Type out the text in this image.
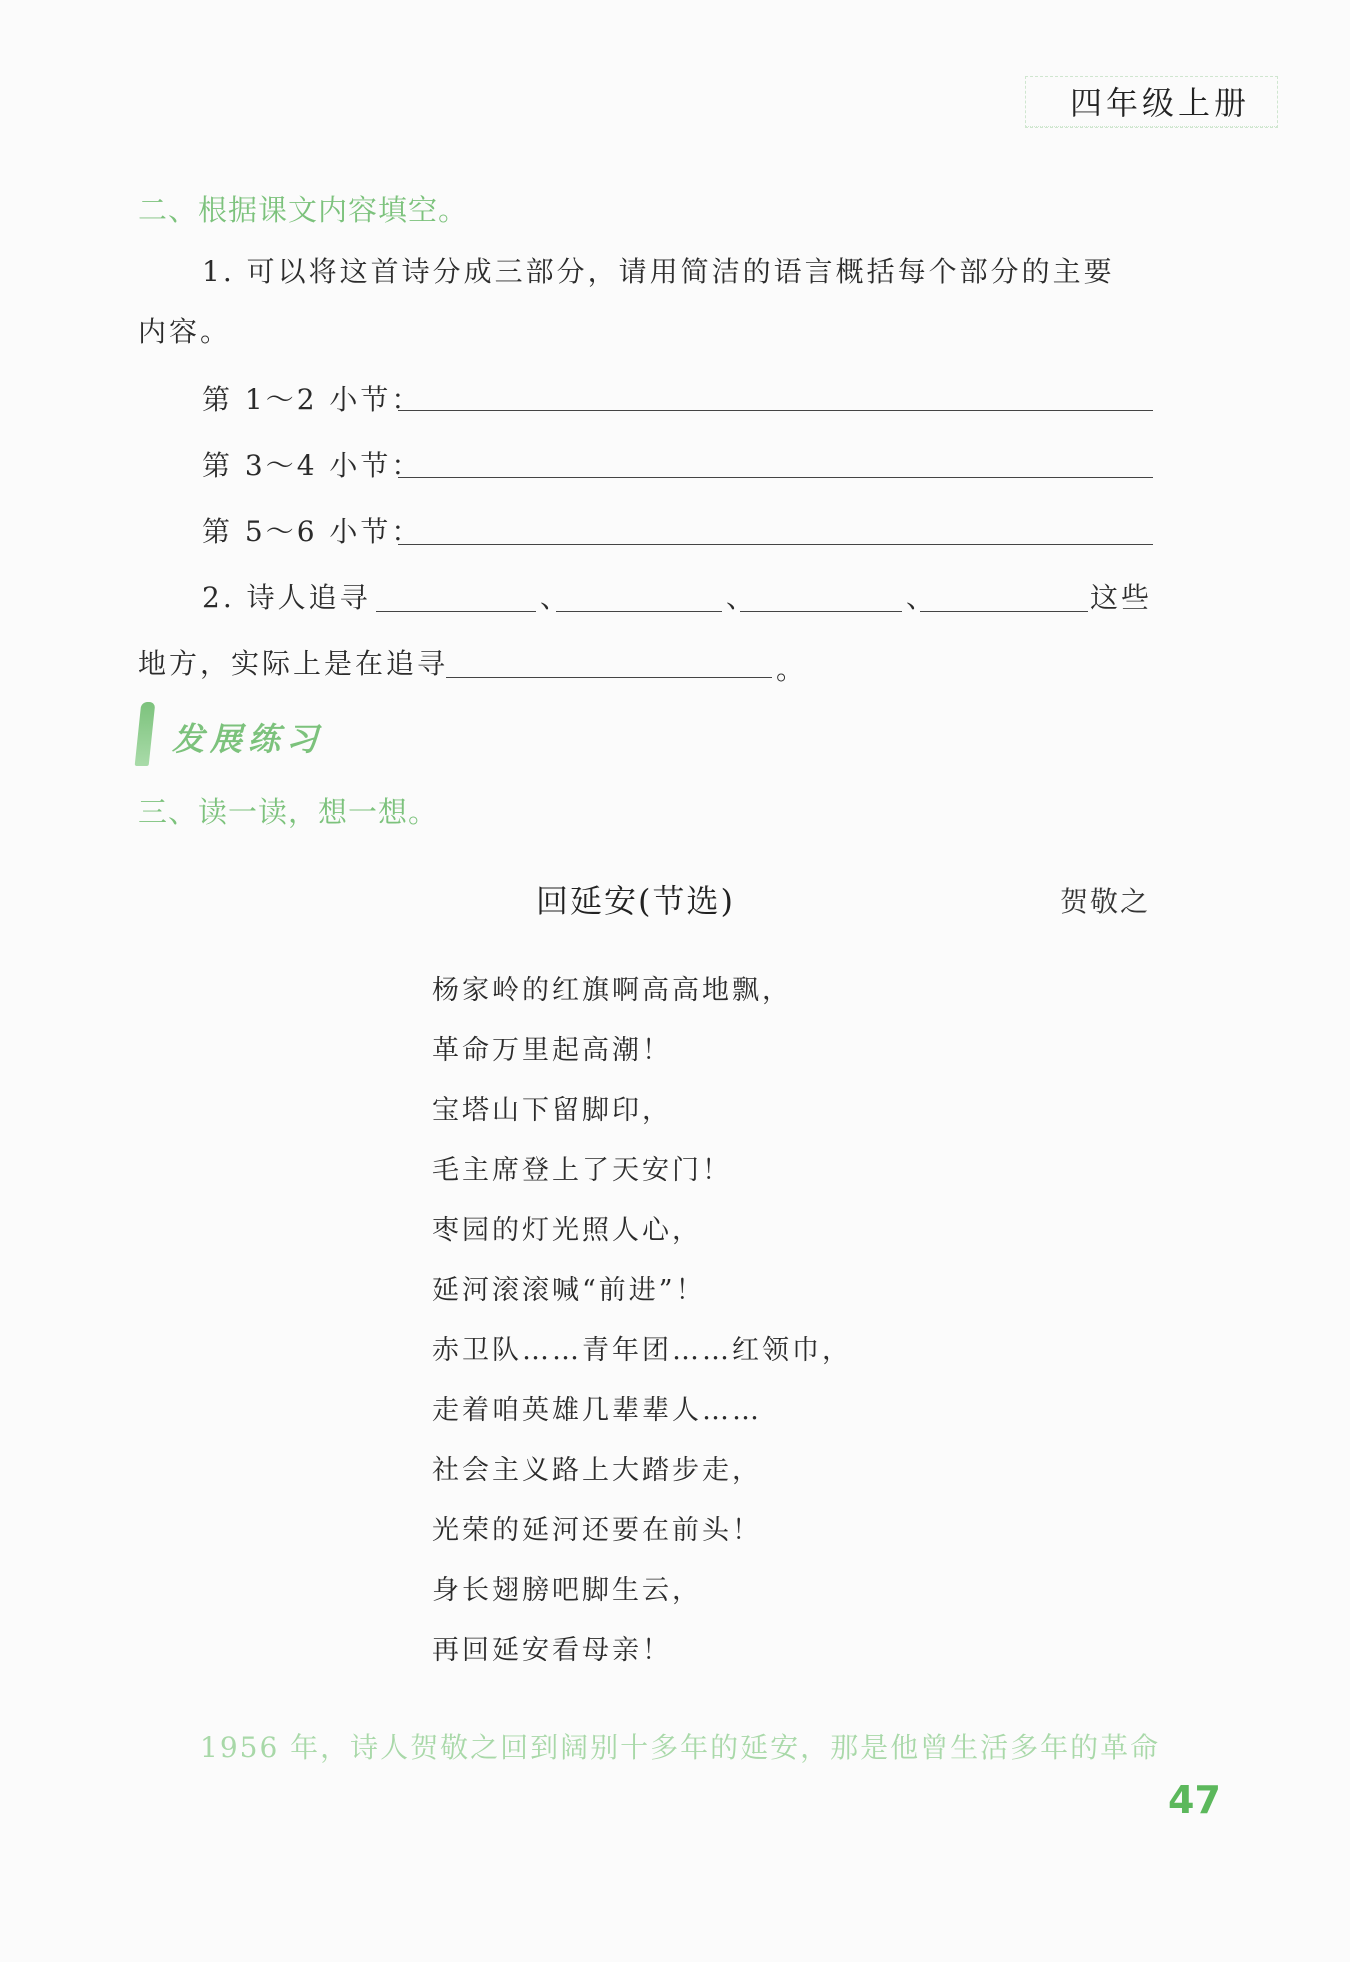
四年级上册
二、根据课文内容填空。
1. 可以将这首诗分成三部分，请用简洁的语言概括每个部分的主要
内容。
第 1～2 小节：
第 3～4 小节：
第 5～6 小节：
2. 诗人追寻	、	、	、	这些
地方，实际上是在追寻	。
发展练习
三、读一读，想一想。
回延安(节选)	贺敬之
杨家岭的红旗啊高高地飘，
革命万里起高潮！
宝塔山下留脚印，
毛主席登上了天安门！
枣园的灯光照人心，
延河滚滚喊“前进”！
赤卫队……青年团……红领巾，
走着咱英雄几辈辈人……
社会主义路上大踏步走，
光荣的延河还要在前头！
身长翅膀吧脚生云，
再回延安看母亲！
1956 年，诗人贺敬之回到阔别十多年的延安，那是他曾生活多年的革命
47
